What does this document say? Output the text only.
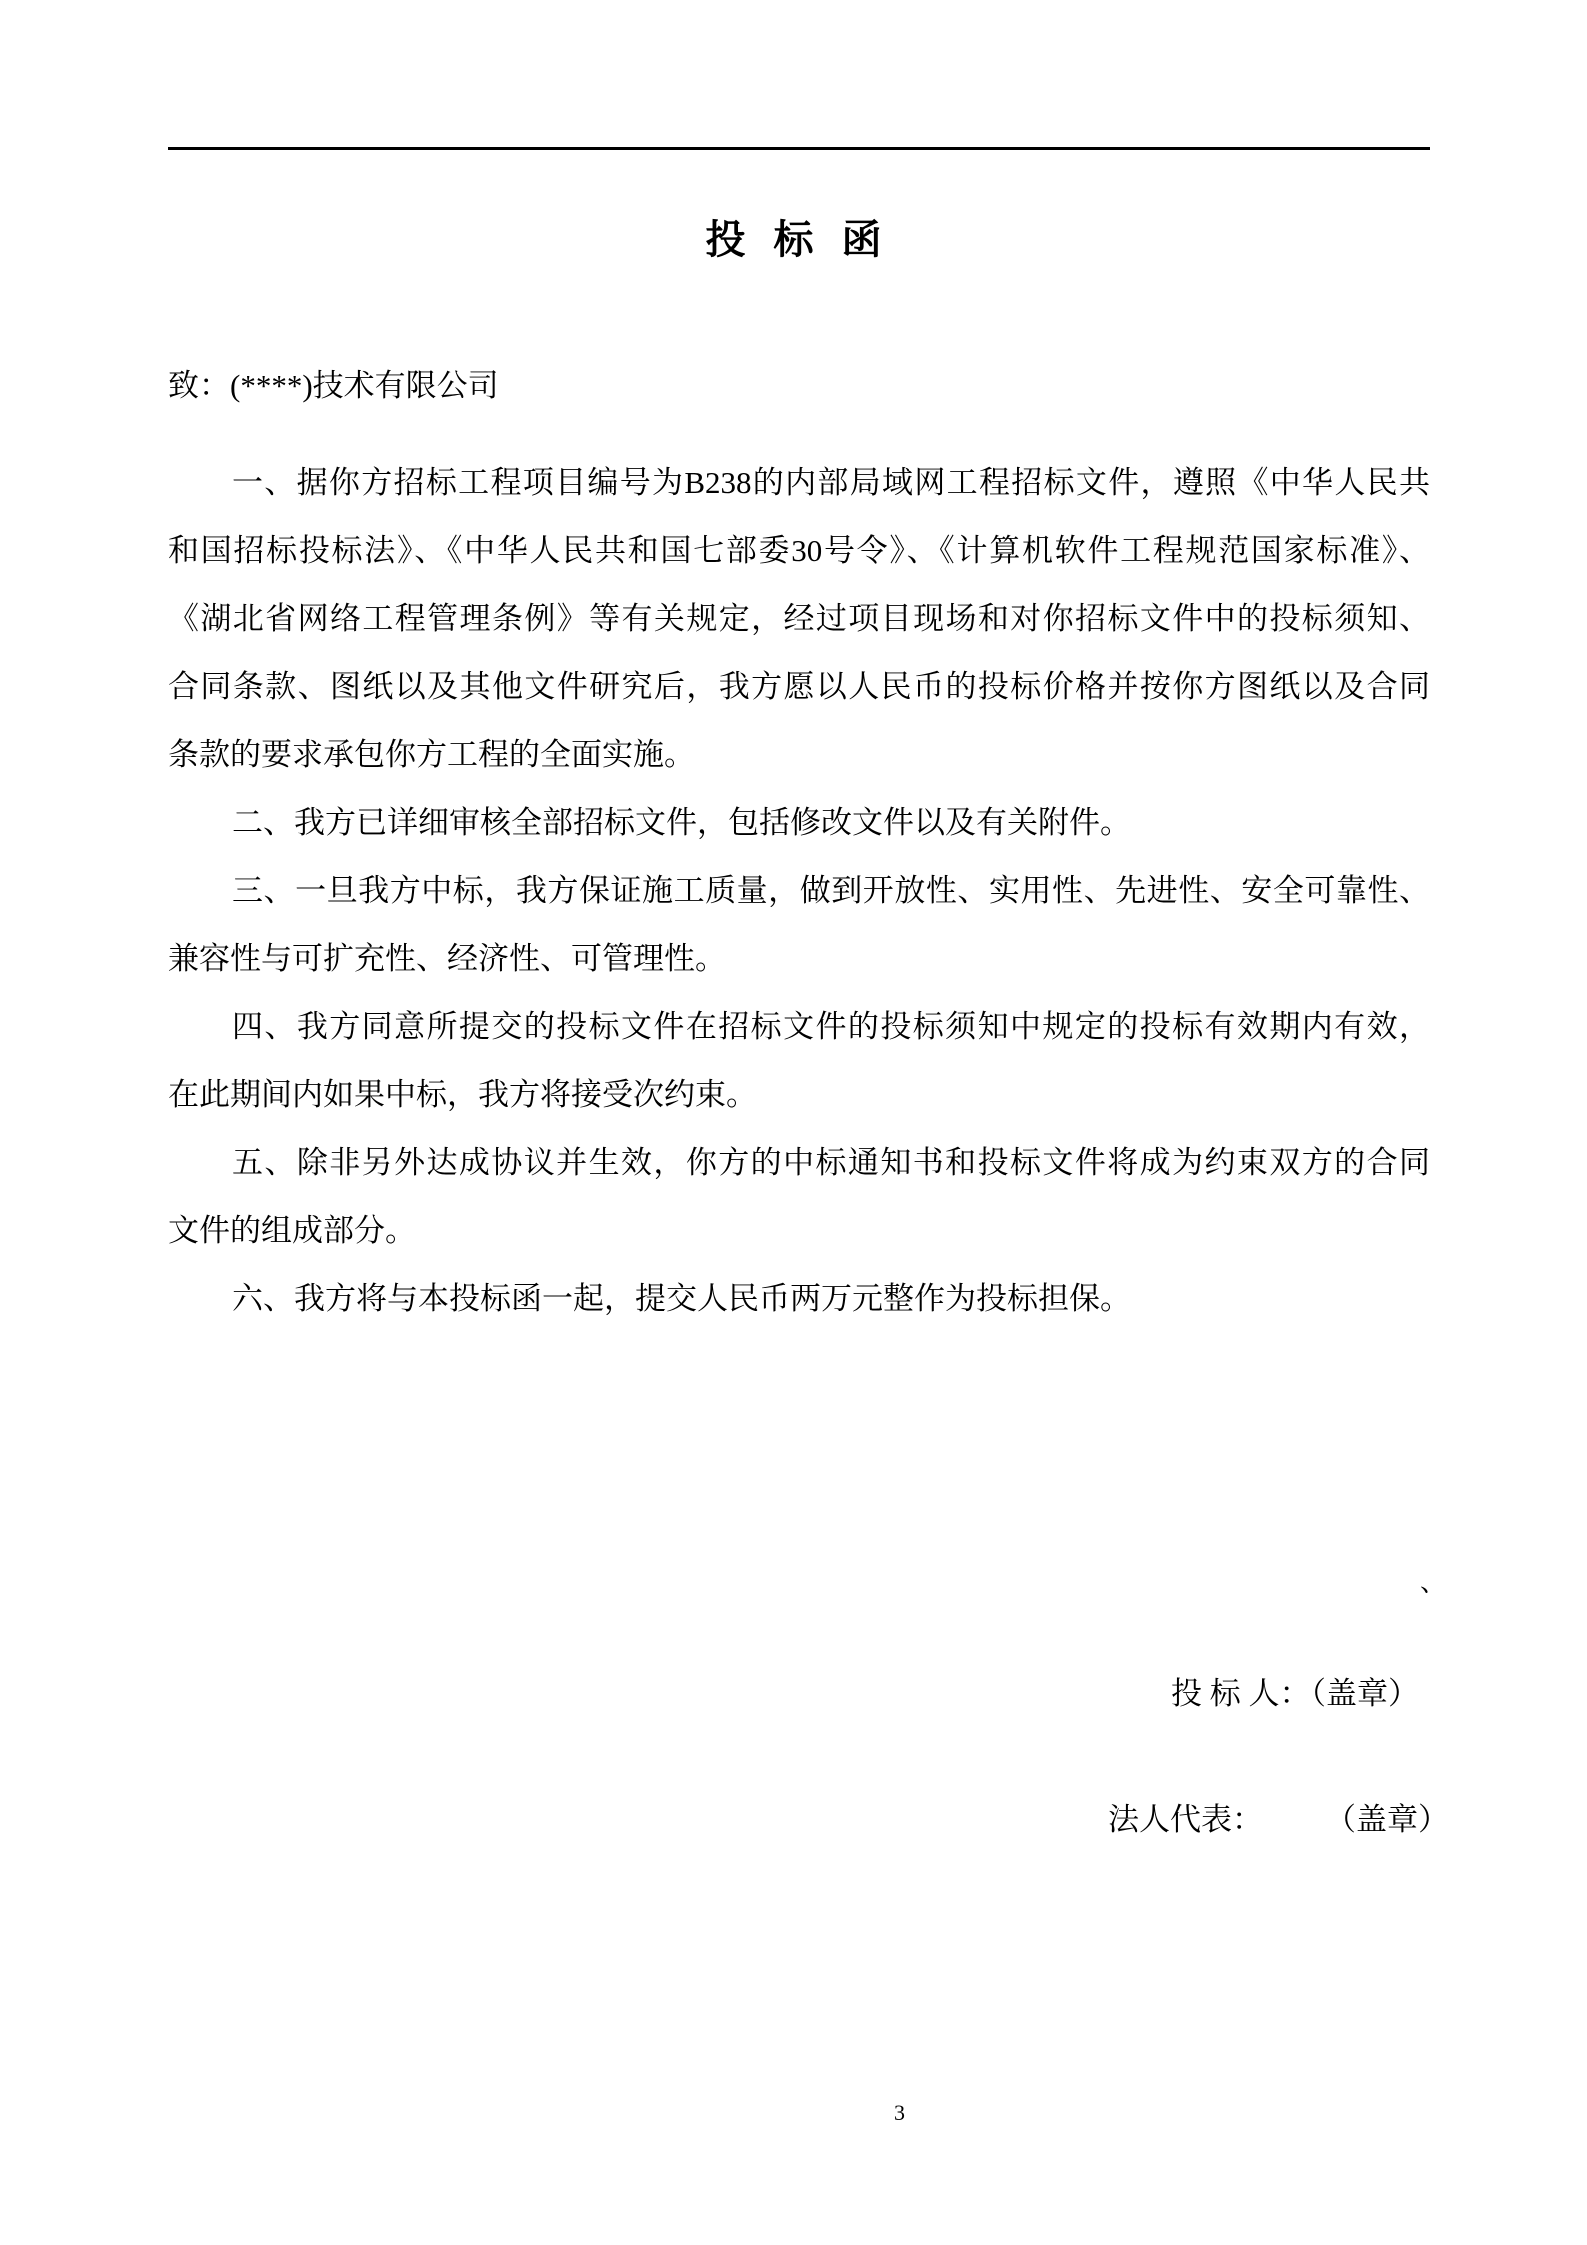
投标函
致：(****)技术有限公司
一、据你方招标工程项目编号为B238的内部局域网工程招标文件，遵照《中华人民共
和国招标投标法》、《中华人民共和国七部委30号令》、《计算机软件工程规范国家标准》、
《湖北省网络工程管理条例》等有关规定，经过项目现场和对你招标文件中的投标须知、
合同条款、图纸以及其他文件研究后，我方愿以人民币的投标价格并按你方图纸以及合同
条款的要求承包你方工程的全面实施。
二、我方已详细审核全部招标文件，包括修改文件以及有关附件。
三、一旦我方中标，我方保证施工质量，做到开放性、实用性、先进性、安全可靠性、
兼容性与可扩充性、经济性、可管理性。
四、我方同意所提交的投标文件在招标文件的投标须知中规定的投标有效期内有效，
在此期间内如果中标，我方将接受次约束。
五、除非另外达成协议并生效，你方的中标通知书和投标文件将成为约束双方的合同
文件的组成部分。
六、我方将与本投标函一起，提交人民币两万元整作为投标担保。
、
投 标 人：（盖章）
法人代表： （盖章）
3
